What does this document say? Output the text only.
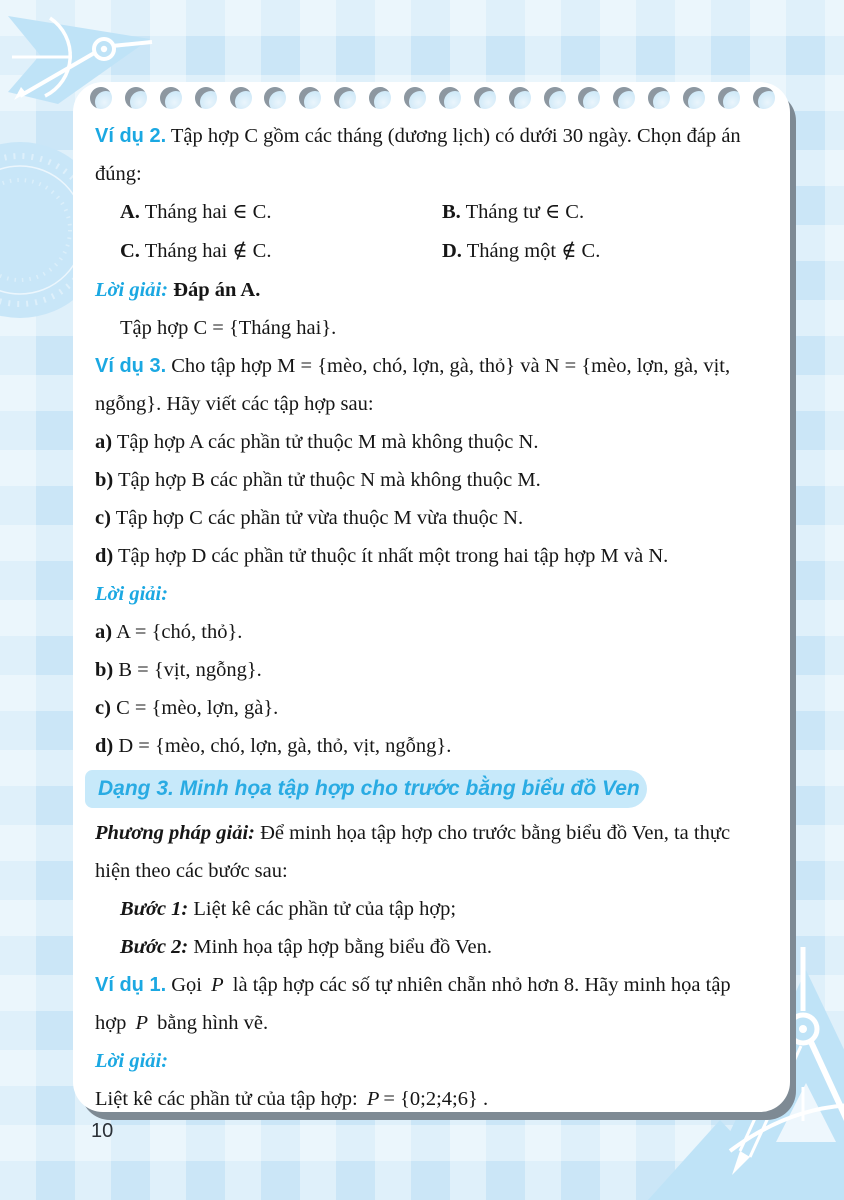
Ví dụ 2. Tập hợp C gồm các tháng (dương lịch) có dưới 30 ngày. Chọn đáp án đúng:

A. Tháng hai ∈ C.	B. Tháng tư ∈ C.

C. Tháng hai ∉ C.	D. Tháng một ∉ C.

Lời giải: Đáp án A.

Tập hợp C = {Tháng hai}.

Ví dụ 3. Cho tập hợp M = {mèo, chó, lợn, gà, thỏ} và N = {mèo, lợn, gà, vịt, ngỗng}. Hãy viết các tập hợp sau:

a) Tập hợp A các phần tử thuộc M mà không thuộc N.

b) Tập hợp B các phần tử thuộc N mà không thuộc M.

c) Tập hợp C các phần tử vừa thuộc M vừa thuộc N.

d) Tập hợp D các phần tử thuộc ít nhất một trong hai tập hợp M và N.

Lời giải:

a) A = {chó, thỏ}.

b) B = {vịt, ngỗng}.

c) C = {mèo, lợn, gà}.

d) D = {mèo, chó, lợn, gà, thỏ, vịt, ngỗng}.

Dạng 3. Minh họa tập hợp cho trước bằng biểu đồ Ven

Phương pháp giải: Để minh họa tập hợp cho trước bằng biểu đồ Ven, ta thực hiện theo các bước sau:

Bước 1: Liệt kê các phần tử của tập hợp;

Bước 2: Minh họa tập hợp bằng biểu đồ Ven.

Ví dụ 1. Gọi P là tập hợp các số tự nhiên chẵn nhỏ hơn 8. Hãy minh họa tập hợp P bằng hình vẽ.

Lời giải:

Liệt kê các phần tử của tập hợp: P = {0;2;4;6} .

10
